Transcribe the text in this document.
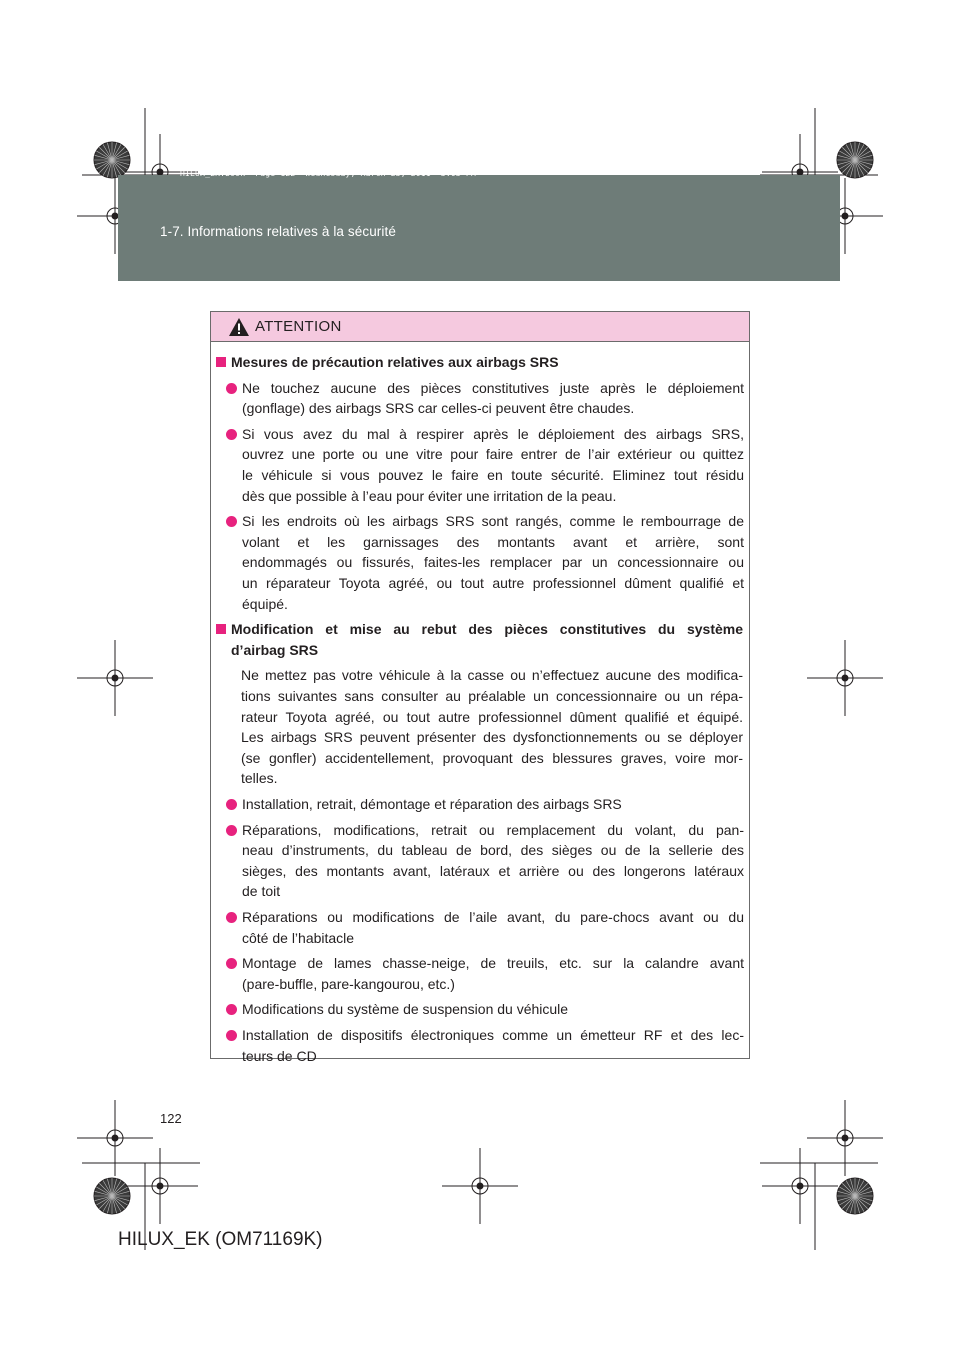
HILUX_EK.book  Page 122  Wednesday, March 23, 2011  3:03 PM
1-7. Informations relatives à la sécurité
ATTENTION
Mesures de précaution relatives aux airbags SRS
Ne touchez aucune des pièces constitutives juste après le déploiement
(gonflage) des airbags SRS car celles-ci peuvent être chaudes.
Si vous avez du mal à respirer après le déploiement des airbags SRS,
ouvrez une porte ou une vitre pour faire entrer de l’air extérieur ou quittez
le véhicule si vous pouvez le faire en toute sécurité. Eliminez tout résidu
dès que possible à l’eau pour éviter une irritation de la peau.
Si les endroits où les airbags SRS sont rangés, comme le rembourrage de
volant et les garnissages des montants avant et arrière, sont
endommagés ou fissurés, faites-les remplacer par un concessionnaire ou
un réparateur Toyota agréé, ou tout autre professionnel dûment qualifié et
équipé.
Modification et mise au rebut des pièces constitutives du système
d’airbag SRS
Ne mettez pas votre véhicule à la casse ou n’effectuez aucune des modifica-
tions suivantes sans consulter au préalable un concessionnaire ou un répa-
rateur Toyota agréé, ou tout autre professionnel dûment qualifié et équipé.
Les airbags SRS peuvent présenter des dysfonctionnements ou se déployer
(se gonfler) accidentellement, provoquant des blessures graves, voire mor-
telles.
Installation, retrait, démontage et réparation des airbags SRS
Réparations, modifications, retrait ou remplacement du volant, du pan-
neau d’instruments, du tableau de bord, des sièges ou de la sellerie des
sièges, des montants avant, latéraux et arrière ou des longerons latéraux
de toit
Réparations ou modifications de l’aile avant, du pare-chocs avant ou du
côté de l’habitacle
Montage de lames chasse-neige, de treuils, etc. sur la calandre avant
(pare-buffle, pare-kangourou, etc.)
Modifications du système de suspension du véhicule
Installation de dispositifs électroniques comme un émetteur RF et des lec-
teurs de CD
122
HILUX_EK (OM71169K)
